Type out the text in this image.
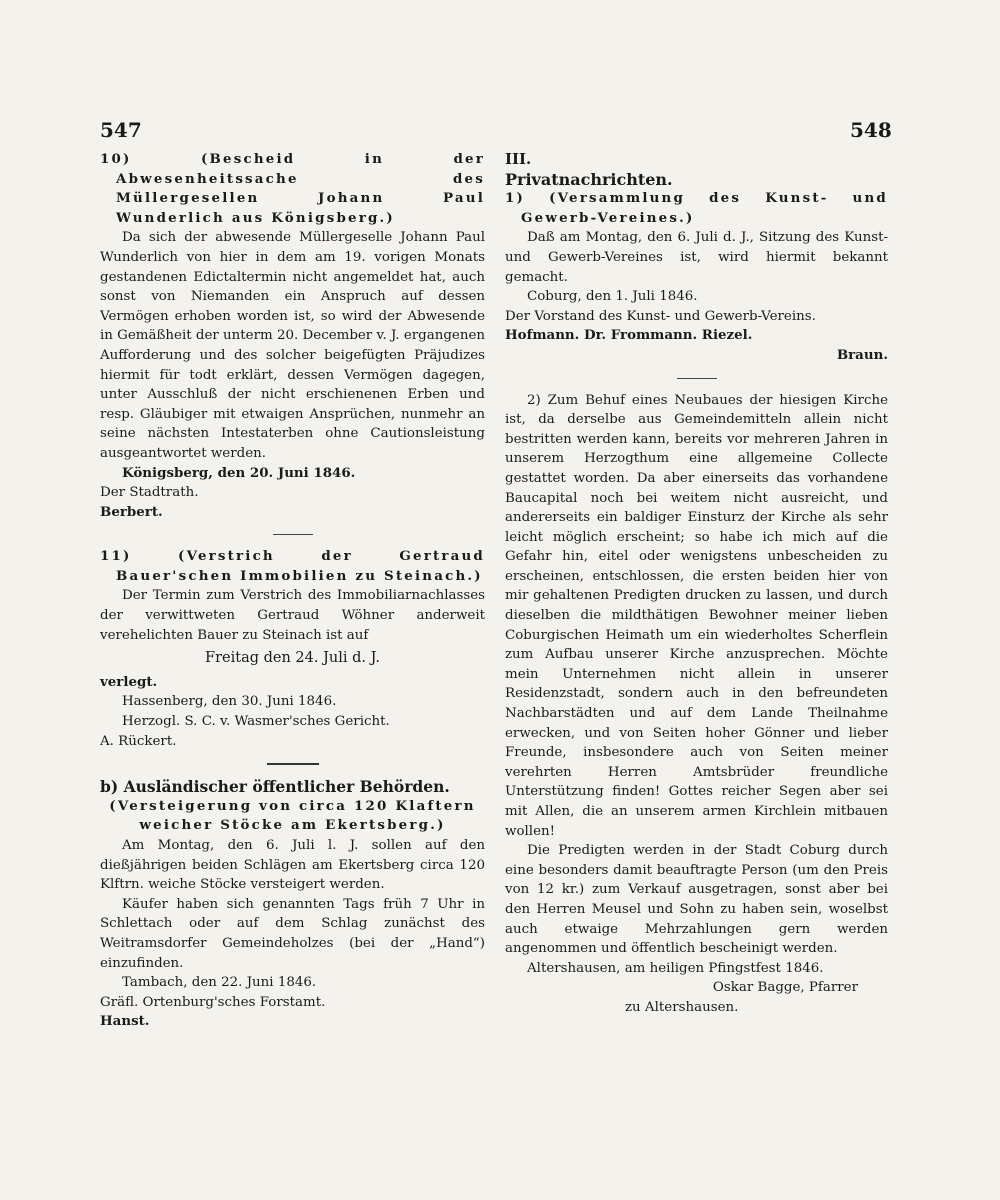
547	548

10) (Bescheid in der Abwesenheitssache des Müllergesellen Johann Paul Wunderlich aus Königsberg.)

Da sich der abwesende Müllergeselle Johann Paul Wunderlich von hier in dem am 19. vorigen Monats gestandenen Edictaltermin nicht angemeldet hat, auch sonst von Niemanden ein Anspruch auf dessen Vermögen erhoben worden ist, so wird der Abwesende in Gemäßheit der unterm 20. December v. J. ergangenen Aufforderung und des solcher beigefügten Präjudizes hiermit für todt erklärt, dessen Vermögen dagegen, unter Ausschluß der nicht erschienenen Erben und resp. Gläubiger mit etwaigen Ansprüchen, nunmehr an seine nächsten Intestaterben ohne Cautionsleistung ausgeantwortet werden.

Königsberg, den 20. Juni 1846.

Der Stadtrath.

Berbert.

11) (Verstrich der Gertraud Bauer'schen Immobilien zu Steinach.)

Der Termin zum Verstrich des Immobiliarnachlasses der verwittweten Gertraud Wöhner anderweit verehelichten Bauer zu Steinach ist auf

Freitag den 24. Juli d. J.

verlegt.

Hassenberg, den 30. Juni 1846.

Herzogl. S. C. v. Wasmer'sches Gericht.

A. Rückert.

b) Ausländischer öffentlicher Behörden.

(Versteigerung von circa 120 Klaftern weicher Stöcke am Ekertsberg.)

Am Montag, den 6. Juli l. J. sollen auf den dießjährigen beiden Schlägen am Ekertsberg circa 120 Klftrn. weiche Stöcke versteigert werden.

Käufer haben sich genannten Tags früh 7 Uhr in Schlettach oder auf dem Schlag zunächst des Weitramsdorfer Gemeindeholzes (bei der „Hand“) einzufinden.

Tambach, den 22. Juni 1846.

Gräfl. Ortenburg'sches Forstamt.

Hanst.

III.

Privatnachrichten.

1) (Versammlung des Kunst- und Gewerb-Vereines.)

Daß am Montag, den 6. Juli d. J., Sitzung des Kunst- und Gewerb-Vereines ist, wird hiermit bekannt gemacht.

Coburg, den 1. Juli 1846.

Der Vorstand des Kunst- und Gewerb-Vereins.

Hofmann. Dr. Frommann. Riezel.

Braun.

2) Zum Behuf eines Neubaues der hiesigen Kirche ist, da derselbe aus Gemeindemitteln allein nicht bestritten werden kann, bereits vor mehreren Jahren in unserem Herzogthum eine allgemeine Collecte gestattet worden. Da aber einerseits das vorhandene Baucapital noch bei weitem nicht ausreicht, und andererseits ein baldiger Einsturz der Kirche als sehr leicht möglich erscheint; so habe ich mich auf die Gefahr hin, eitel oder wenigstens unbescheiden zu erscheinen, entschlossen, die ersten beiden hier von mir gehaltenen Predigten drucken zu lassen, und durch dieselben die mildthätigen Bewohner meiner lieben Coburgischen Heimath um ein wiederholtes Scherflein zum Aufbau unserer Kirche anzusprechen. Möchte mein Unternehmen nicht allein in unserer Residenzstadt, sondern auch in den befreundeten Nachbarstädten und auf dem Lande Theilnahme erwecken, und von Seiten hoher Gönner und lieber Freunde, insbesondere auch von Seiten meiner verehrten Herren Amtsbrüder freundliche Unterstützung finden! Gottes reicher Segen aber sei mit Allen, die an unserem armen Kirchlein mitbauen wollen!

Die Predigten werden in der Stadt Coburg durch eine besonders damit beauftragte Person (um den Preis von 12 kr.) zum Verkauf ausgetragen, sonst aber bei den Herren Meusel und Sohn zu haben sein, woselbst auch etwaige Mehrzahlungen gern werden angenommen und öffentlich bescheinigt werden.

Altershausen, am heiligen Pfingstfest 1846.

Oskar Bagge, Pfarrer

zu Altershausen.
